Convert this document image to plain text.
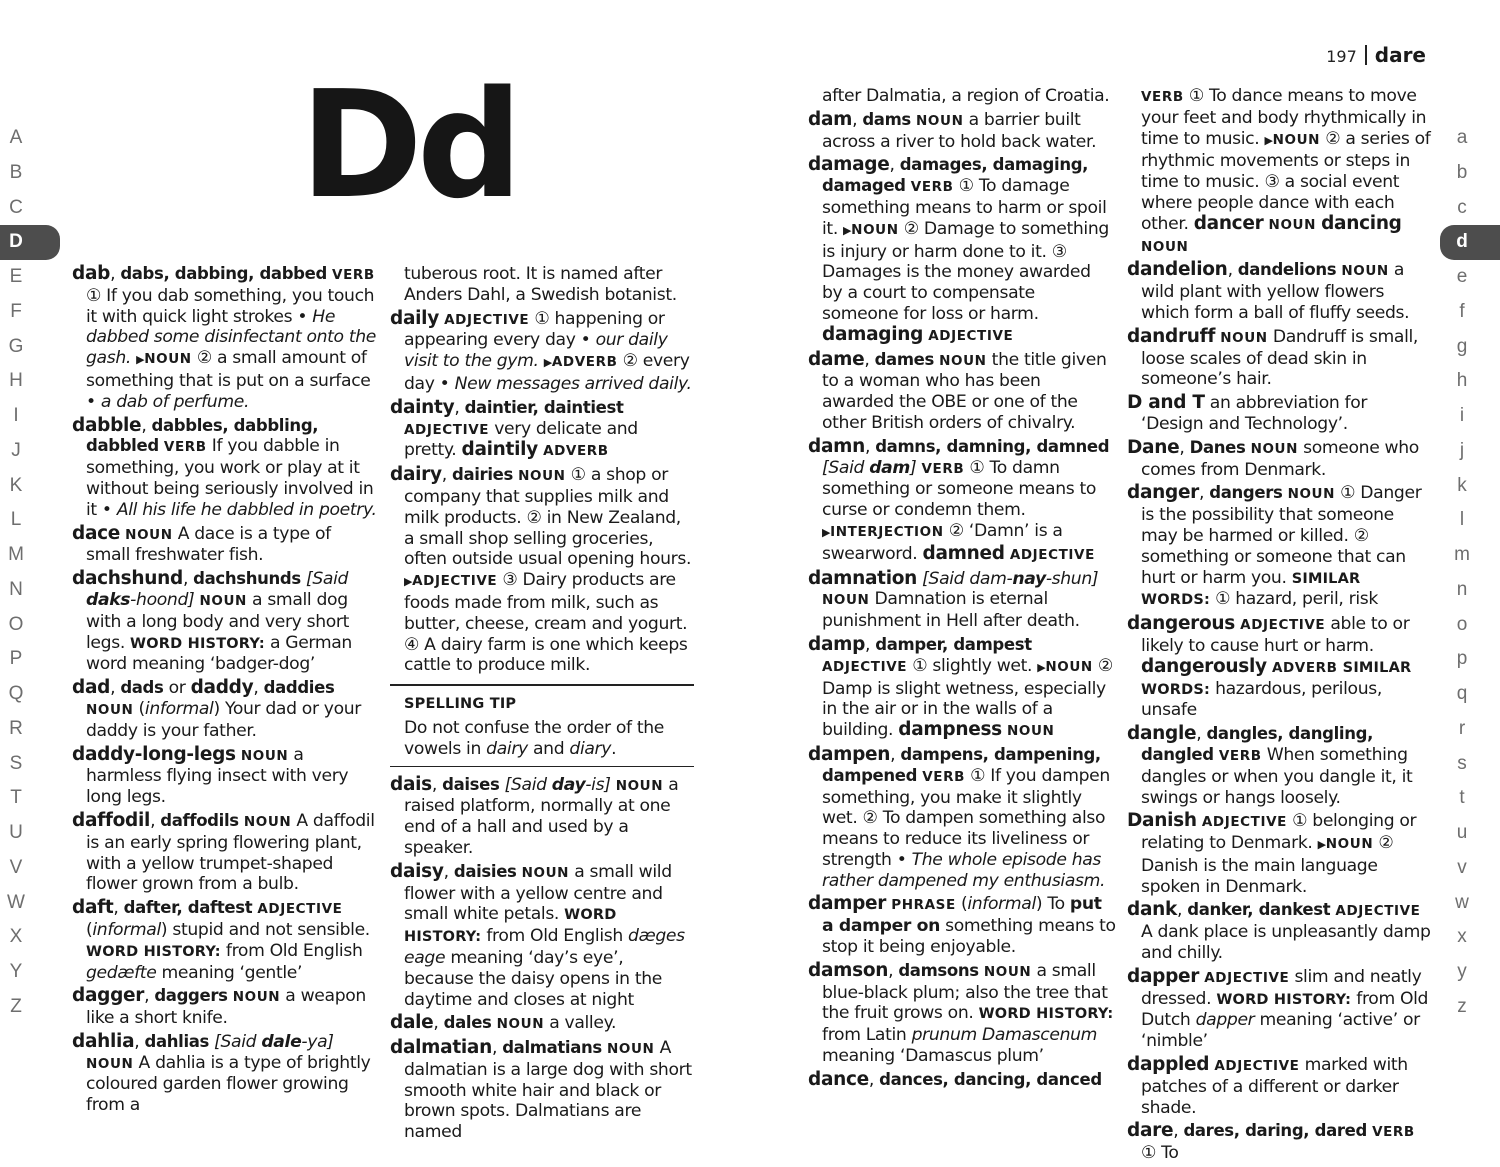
197 dare
Dd
A
B
C
D
E
F
G
H
I
J
K
L
M
N
O
P
Q
R
S
T
U
V
W
X
Y
Z
a
b
c
d
e
f
g
h
i
j
k
l
m
n
o
p
q
r
s
t
u
v
w
x
y
z

dab, dabs, dabbing, dabbed VERB ① If you dab something, you touch it with quick light strokes • He dabbed some disinfectant onto the gash. ▶NOUN ② a small amount of something that is put on a surface • a dab of perfume.

dabble, dabbles, dabbling, dabbled VERB If you dabble in something, you work or play at it without being seriously involved in it • All his life he dabbled in poetry.

dace NOUN A dace is a type of small freshwater fish.

dachshund, dachshunds [Said daks-hoond] NOUN a small dog with a long body and very short legs. WORD HISTORY: a German word meaning ‘badger-dog’

dad, dads or daddy, daddies NOUN (informal) Your dad or your daddy is your father.

daddy-long-legs NOUN a harmless flying insect with very long legs.

daffodil, daffodils NOUN A daffodil is an early spring flowering plant, with a yellow trumpet-shaped flower grown from a bulb.

daft, dafter, daftest ADJECTIVE (informal) stupid and not sensible. WORD HISTORY: from Old English gedæfte meaning ‘gentle’

dagger, daggers NOUN a weapon like a short knife.

dahlia, dahlias [Said dale-ya] NOUN A dahlia is a type of brightly coloured garden flower growing from a

tuberous root. It is named after Anders Dahl, a Swedish botanist.

daily ADJECTIVE ① happening or appearing every day • our daily visit to the gym. ▶ADVERB ② every day • New messages arrived daily.

dainty, daintier, daintiest ADJECTIVE very delicate and pretty. daintily ADVERB

dairy, dairies NOUN ① a shop or company that supplies milk and milk products. ② in New Zealand, a small shop selling groceries, often outside usual opening hours. ▶ADJECTIVE ③ Dairy products are foods made from milk, such as butter, cheese, cream and yogurt. ④ A dairy farm is one which keeps cattle to produce milk.

SPELLING TIP

Do not confuse the order of the vowels in dairy and diary.

dais, daises [Said day-is] NOUN a raised platform, normally at one end of a hall and used by a speaker.

daisy, daisies NOUN a small wild flower with a yellow centre and small white petals. WORD HISTORY: from Old English dæges eage meaning ‘day’s eye’, because the daisy opens in the daytime and closes at night

dale, dales NOUN a valley.

dalmatian, dalmatians NOUN A dalmatian is a large dog with short smooth white hair and black or brown spots. Dalmatians are named

after Dalmatia, a region of Croatia.

dam, dams NOUN a barrier built across a river to hold back water.

damage, damages, damaging, damaged VERB ① To damage something means to harm or spoil it. ▶NOUN ② Damage to something is injury or harm done to it. ③ Damages is the money awarded by a court to compensate someone for loss or harm. damaging ADJECTIVE

dame, dames NOUN the title given to a woman who has been awarded the OBE or one of the other British orders of chivalry.

damn, damns, damning, damned [Said dam] VERB ① To damn something or someone means to curse or condemn them. ▶INTERJECTION ② ‘Damn’ is a swearword. damned ADJECTIVE

damnation [Said dam-nay-shun] NOUN Damnation is eternal punishment in Hell after death.

damp, damper, dampest ADJECTIVE ① slightly wet. ▶NOUN ② Damp is slight wetness, especially in the air or in the walls of a building. dampness NOUN

dampen, dampens, dampening, dampened VERB ① If you dampen something, you make it slightly wet. ② To dampen something also means to reduce its liveliness or strength • The whole episode has rather dampened my enthusiasm.

damper PHRASE (informal) To put a damper on something means to stop it being enjoyable.

damson, damsons NOUN a small blue-black plum; also the tree that the fruit grows on. WORD HISTORY: from Latin prunum Damascenum meaning ‘Damascus plum’

dance, dances, dancing, danced

VERB ① To dance means to move your feet and body rhythmically in time to music. ▶NOUN ② a series of rhythmic movements or steps in time to music. ③ a social event where people dance with each other. dancer NOUN dancing NOUN

dandelion, dandelions NOUN a wild plant with yellow flowers which form a ball of fluffy seeds.

dandruff NOUN Dandruff is small, loose scales of dead skin in someone’s hair.

D and T an abbreviation for ‘Design and Technology’.

Dane, Danes NOUN someone who comes from Denmark.

danger, dangers NOUN ① Danger is the possibility that someone may be harmed or killed. ② something or someone that can hurt or harm you. SIMILAR WORDS: ① hazard, peril, risk

dangerous ADJECTIVE able to or likely to cause hurt or harm. dangerously ADVERB SIMILAR WORDS: hazardous, perilous, unsafe

dangle, dangles, dangling, dangled VERB When something dangles or when you dangle it, it swings or hangs loosely.

Danish ADJECTIVE ① belonging or relating to Denmark. ▶NOUN ② Danish is the main language spoken in Denmark.

dank, danker, dankest ADJECTIVE A dank place is unpleasantly damp and chilly.

dapper ADJECTIVE slim and neatly dressed. WORD HISTORY: from Old Dutch dapper meaning ‘active’ or ‘nimble’

dappled ADJECTIVE marked with patches of a different or darker shade.

dare, dares, daring, dared VERB ① To
